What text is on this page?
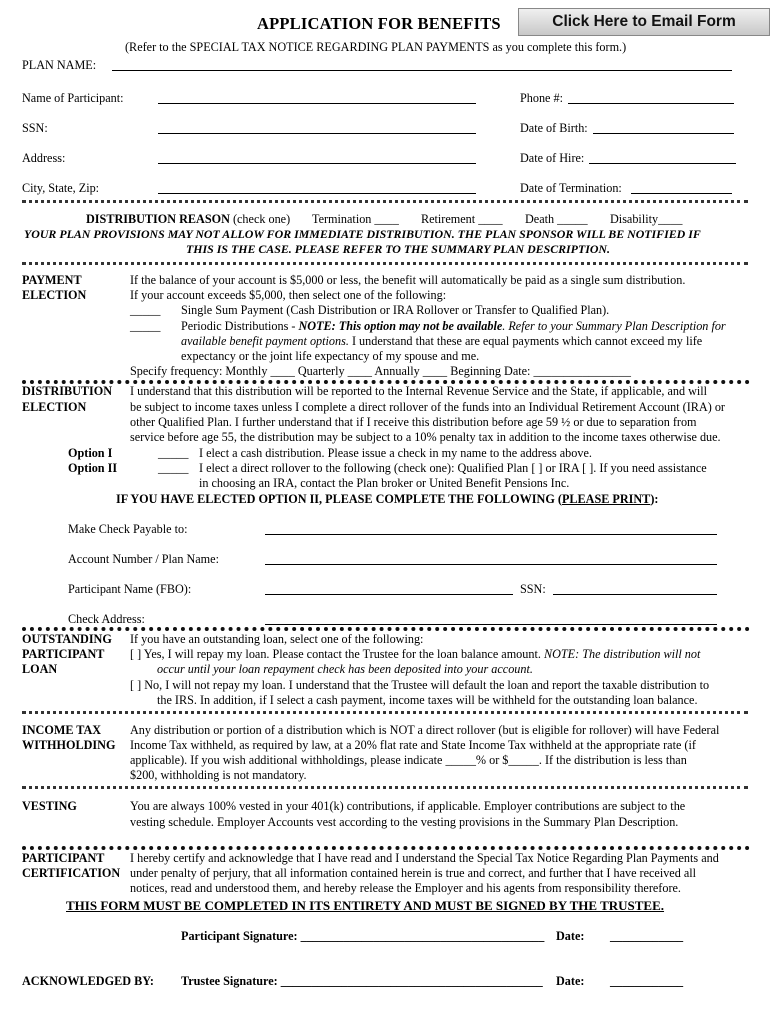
APPLICATION FOR BENEFITS	Click Here to Email Form
(Refer to the SPECIAL TAX NOTICE REGARDING PLAN PAYMENTS as you complete this form.)
PLAN NAME:
Name of Participant:	Phone #:
SSN:	Date of Birth:
Address:	Date of Hire:
City, State, Zip:	Date of Termination:
DISTRIBUTION REASON (check one) Termination ____ Retirement ____ Death _____ Disability____
YOUR PLAN PROVISIONS MAY NOT ALLOW FOR IMMEDIATE DISTRIBUTION. THE PLAN SPONSOR WILL BE NOTIFIED IF
THIS IS THE CASE. PLEASE REFER TO THE SUMMARY PLAN DESCRIPTION.
PAYMENT
ELECTION
If the balance of your account is $5,000 or less, the benefit will automatically be paid as a single sum distribution.
If your account exceeds $5,000, then select one of the following:
_____ Single Sum Payment (Cash Distribution or IRA Rollover or Transfer to Qualified Plan).
_____ Periodic Distributions - NOTE: This option may not be available. Refer to your Summary Plan Description for
available benefit payment options. I understand that these are equal payments which cannot exceed my life
expectancy or the joint life expectancy of my spouse and me.
Specify frequency: Monthly ____ Quarterly ____ Annually ____ Beginning Date: ________________
DISTRIBUTION
ELECTION
I understand that this distribution will be reported to the Internal Revenue Service and the State, if applicable, and will
be subject to income taxes unless I complete a direct rollover of the funds into an Individual Retirement Account (IRA) or
other Qualified Plan. I further understand that if I receive this distribution before age 59 ½ or due to separation from
service before age 55, the distribution may be subject to a 10% penalty tax in addition to the income taxes otherwise due.
Option I	_____ I elect a cash distribution. Please issue a check in my name to the address above.
Option II	_____ I elect a direct rollover to the following (check one): Qualified Plan [ ] or IRA [ ]. If you need assistance
in choosing an IRA, contact the Plan broker or United Benefit Pensions Inc.
IF YOU HAVE ELECTED OPTION II, PLEASE COMPLETE THE FOLLOWING (PLEASE PRINT):
Make Check Payable to:
Account Number / Plan Name:
Participant Name (FBO):	SSN:
Check Address:
OUTSTANDING
PARTICIPANT
LOAN
If you have an outstanding loan, select one of the following:
[ ] Yes, I will repay my loan. Please contact the Trustee for the loan balance amount. NOTE: The distribution will not
occur until your loan repayment check has been deposited into your account.
[ ] No, I will not repay my loan. I understand that the Trustee will default the loan and report the taxable distribution to
the IRS. In addition, if I select a cash payment, income taxes will be withheld for the outstanding loan balance.
INCOME TAX
WITHHOLDING
Any distribution or portion of a distribution which is NOT a direct rollover (but is eligible for rollover) will have Federal
Income Tax withheld, as required by law, at a 20% flat rate and State Income Tax withheld at the appropriate rate (if
applicable). If you wish additional withholdings, please indicate _____% or $_____. If the distribution is less than
$200, withholding is not mandatory.
VESTING	You are always 100% vested in your 401(k) contributions, if applicable. Employer contributions are subject to the
vesting schedule. Employer Accounts vest according to the vesting provisions in the Summary Plan Description.
PARTICIPANT
CERTIFICATION
I hereby certify and acknowledge that I have read and I understand the Special Tax Notice Regarding Plan Payments and
under penalty of perjury, that all information contained herein is true and correct, and further that I have received all
notices, read and understood them, and hereby release the Employer and his agents from responsibility therefore.
THIS FORM MUST BE COMPLETED IN ITS ENTIRETY AND MUST BE SIGNED BY THE TRUSTEE.
Participant Signature: ________________________________________ Date: ____________
ACKNOWLEDGED BY: Trustee Signature: ___________________________________________ Date: ____________
